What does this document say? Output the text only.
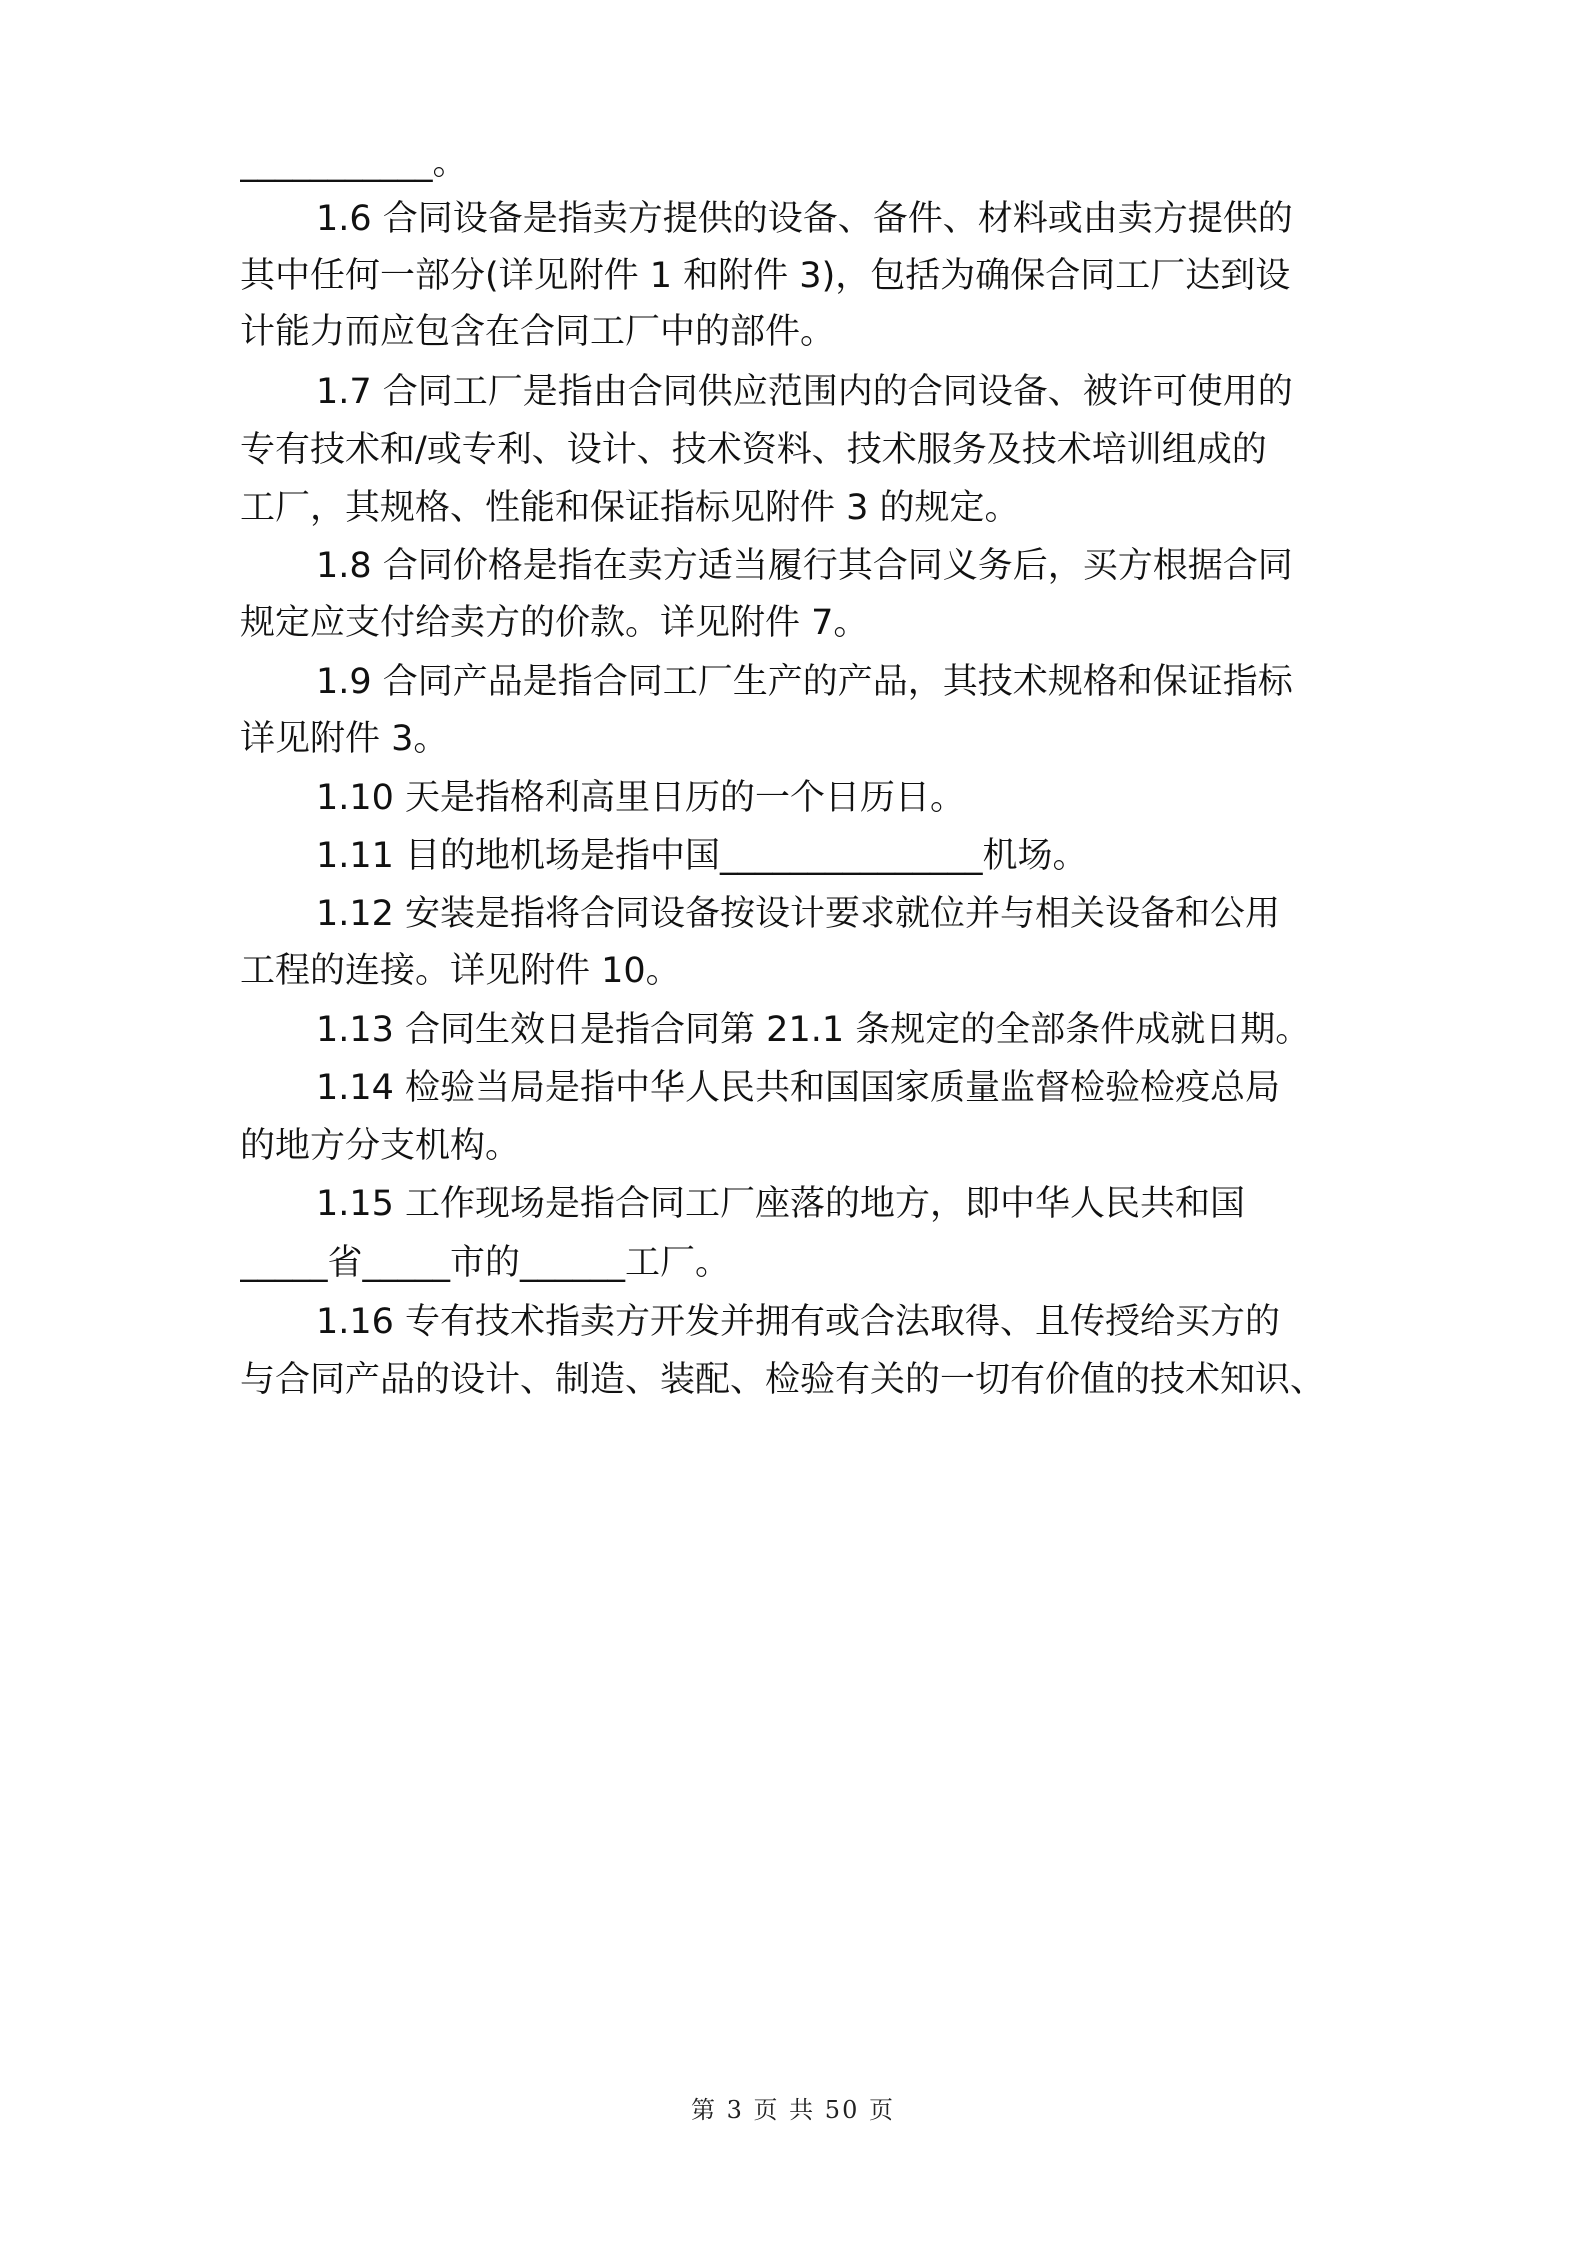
___________。
1.6 合同设备是指卖方提供的设备、备件、材料或由卖方提供的
其中任何一部分(详见附件 1 和附件 3)，包括为确保合同工厂达到设
计能力而应包含在合同工厂中的部件。
1.7 合同工厂是指由合同供应范围内的合同设备、被许可使用的
专有技术和/或专利、设计、技术资料、技术服务及技术培训组成的
工厂，其规格、性能和保证指标见附件 3 的规定。
1.8 合同价格是指在卖方适当履行其合同义务后，买方根据合同
规定应支付给卖方的价款。详见附件 7。
1.9 合同产品是指合同工厂生产的产品，其技术规格和保证指标
详见附件 3。
1.10 天是指格利高里日历的一个日历日。
1.11 目的地机场是指中国_______________机场。
1.12 安装是指将合同设备按设计要求就位并与相关设备和公用
工程的连接。详见附件 10。
1.13 合同生效日是指合同第 21.1 条规定的全部条件成就日期。
1.14 检验当局是指中华人民共和国国家质量监督检验检疫总局
的地方分支机构。
1.15 工作现场是指合同工厂座落的地方，即中华人民共和国
_____省_____市的______工厂。
1.16 专有技术指卖方开发并拥有或合法取得、且传授给买方的
与合同产品的设计、制造、装配、检验有关的一切有价值的技术知识、
第 3 页 共 50 页
